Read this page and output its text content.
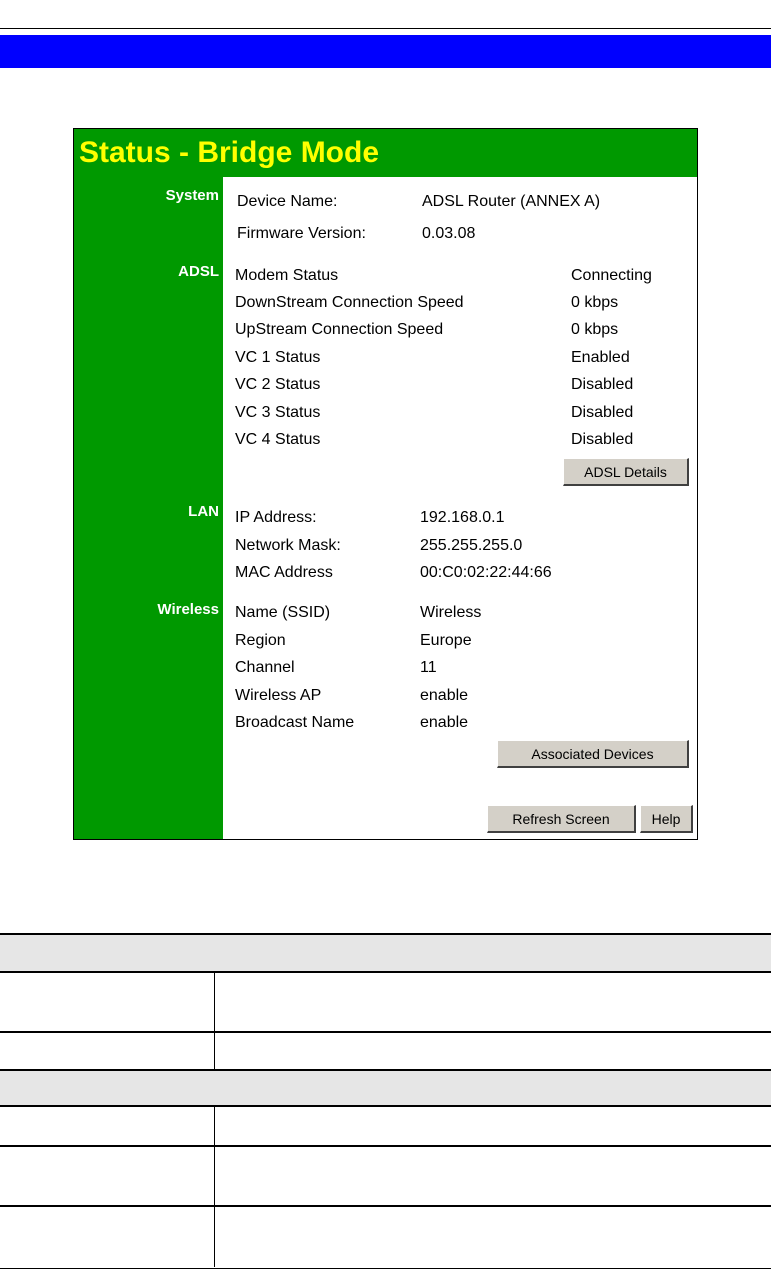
Status - Bridge Mode
System
ADSL
LAN
Wireless
Device Name:	ADSL Router (ANNEX A)
Firmware Version:	0.03.08
Modem Status	Connecting
DownStream Connection Speed	0 kbps
UpStream Connection Speed	0 kbps
VC 1 Status	Enabled
VC 2 Status	Disabled
VC 3 Status	Disabled
VC 4 Status	Disabled
ADSL Details
IP Address:	192.168.0.1
Network Mask:	255.255.255.0
MAC Address	00:C0:02:22:44:66
Name (SSID)	Wireless
Region	Europe
Channel	11
Wireless AP	enable
Broadcast Name	enable
Associated Devices
Refresh Screen	Help
